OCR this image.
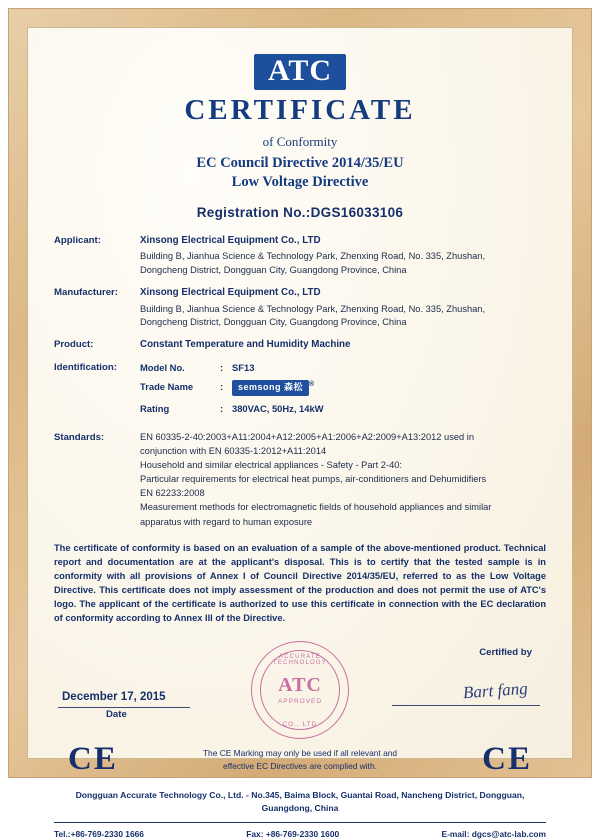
ATC
CERTIFICATE
of Conformity
EC Council Directive 2014/35/EU
Low Voltage Directive
Registration No.:DGS16033106
Applicant:	Xinsong Electrical Equipment Co., LTD
Building B, Jianhua Science & Technology Park, Zhenxing Road, No. 335, Zhushan,
Dongcheng District, Dongguan City, Guangdong Province, China
Manufacturer:	Xinsong Electrical Equipment Co., LTD
Building B, Jianhua Science & Technology Park, Zhenxing Road, No. 335, Zhushan,
Dongcheng District, Dongguan City, Guangdong Province, China
Product:	Constant Temperature and Humidity Machine
Identification:	Model No.	:	SF13
Trade Name	:	semsong 森松 ®
Rating	:	380VAC, 50Hz, 14kW
Standards:	EN 60335-2-40:2003+A11:2004+A12:2005+A1:2006+A2:2009+A13:2012 used in
conjunction with EN 60335-1:2012+A11:2014
Household and similar electrical appliances - Safety - Part 2-40:
Particular requirements for electrical heat pumps, air-conditioners and Dehumidifiers
EN 62233:2008
Measurement methods for electromagnetic fields of household appliances and similar
apparatus with regard to human exposure
The certificate of conformity is based on an evaluation of a sample of the above-mentioned product. Technical report and documentation are at the applicant's disposal. This is to certify that the tested sample is in conformity with all provisions of Annex I of Council Directive 2014/35/EU, referred to as the Low Voltage Directive. This certificate does not imply assessment of the production and does not permit the use of ATC's logo. The applicant of the certificate is authorized to use this certificate in connection with the EC declaration of conformity according to Annex III of the Directive.
Certified by
Bart fang
December 17, 2015
Date
ACCURATE TECHNOLOGY
ATC
APPROVED
CO., LTD
CE	The CE Marking may only be used if all relevant and
effective EC Directives are complied with.	CE
Dongguan Accurate Technology Co., Ltd. - No.345, Baima Block, Guantai Road, Nancheng District, Dongguan,
Guangdong, China
Tel.:+86-769-2330 1666	Fax: +86-769-2330 1600	E-mail: dgcs@atc-lab.com
